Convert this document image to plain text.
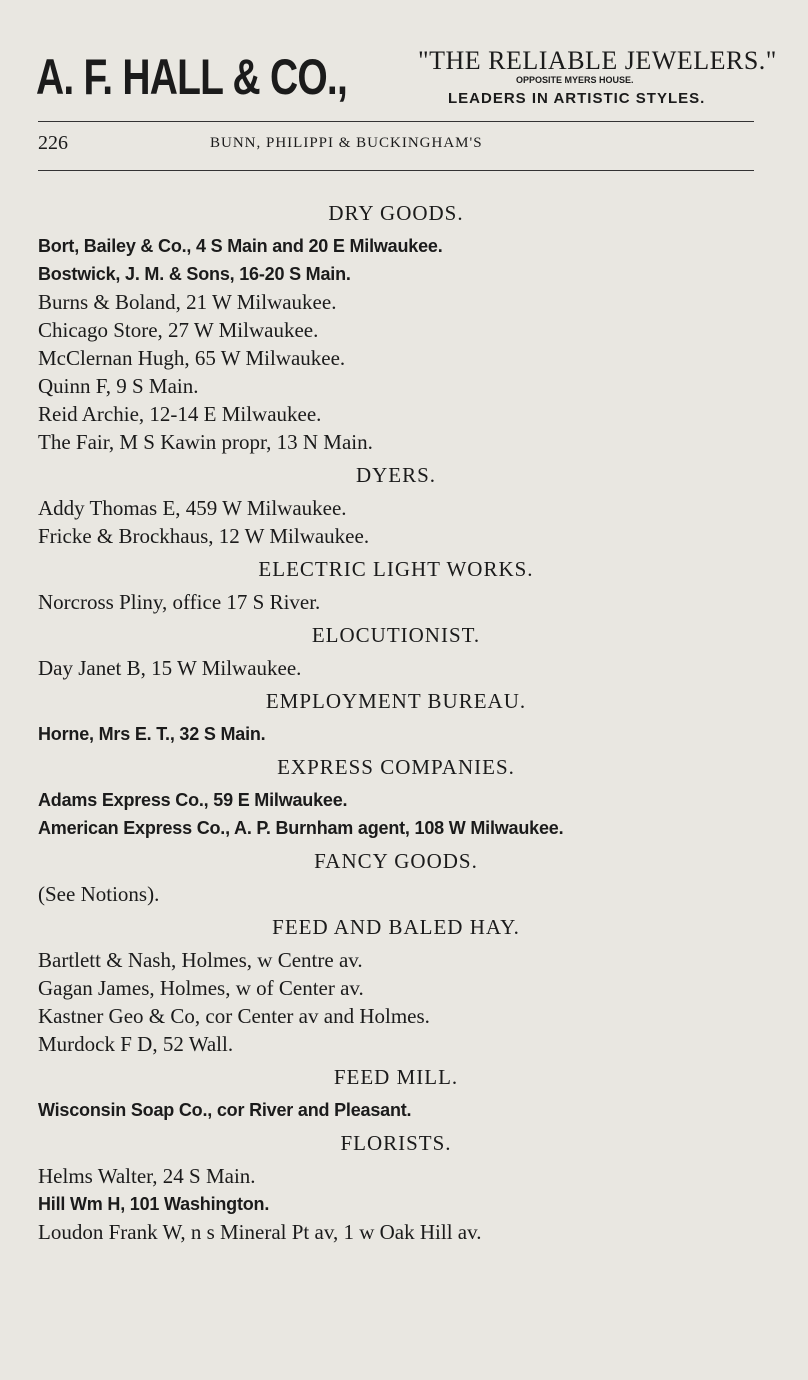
A. F. HALL & CO.,	"THE RELIABLE JEWELERS."
OPPOSITE MYERS HOUSE.
LEADERS IN ARTISTIC STYLES.
226	BUNN, PHILIPPI & BUCKINGHAM'S
DRY GOODS.
Bort, Bailey & Co., 4 S Main and 20 E Milwaukee.
Bostwick, J. M. & Sons, 16-20 S Main.
Burns & Boland, 21 W Milwaukee.
Chicago Store, 27 W Milwaukee.
McClernan Hugh, 65 W Milwaukee.
Quinn F, 9 S Main.
Reid Archie, 12-14 E Milwaukee.
The Fair, M S Kawin propr, 13 N Main.
DYERS.
Addy Thomas E, 459 W Milwaukee.
Fricke & Brockhaus, 12 W Milwaukee.
ELECTRIC LIGHT WORKS.
Norcross Pliny, office 17 S River.
ELOCUTIONIST.
Day Janet B, 15 W Milwaukee.
EMPLOYMENT BUREAU.
Horne, Mrs E. T., 32 S Main.
EXPRESS COMPANIES.
Adams Express Co., 59 E Milwaukee.
American Express Co., A. P. Burnham agent, 108 W Milwaukee.
FANCY GOODS.
(See Notions).
FEED AND BALED HAY.
Bartlett & Nash, Holmes, w Centre av.
Gagan James, Holmes, w of Center av.
Kastner Geo & Co, cor Center av and Holmes.
Murdock F D, 52 Wall.
FEED MILL.
Wisconsin Soap Co., cor River and Pleasant.
FLORISTS.
Helms Walter, 24 S Main.
Hill Wm H, 101 Washington.
Loudon Frank W, n s Mineral Pt av, 1 w Oak Hill av.
